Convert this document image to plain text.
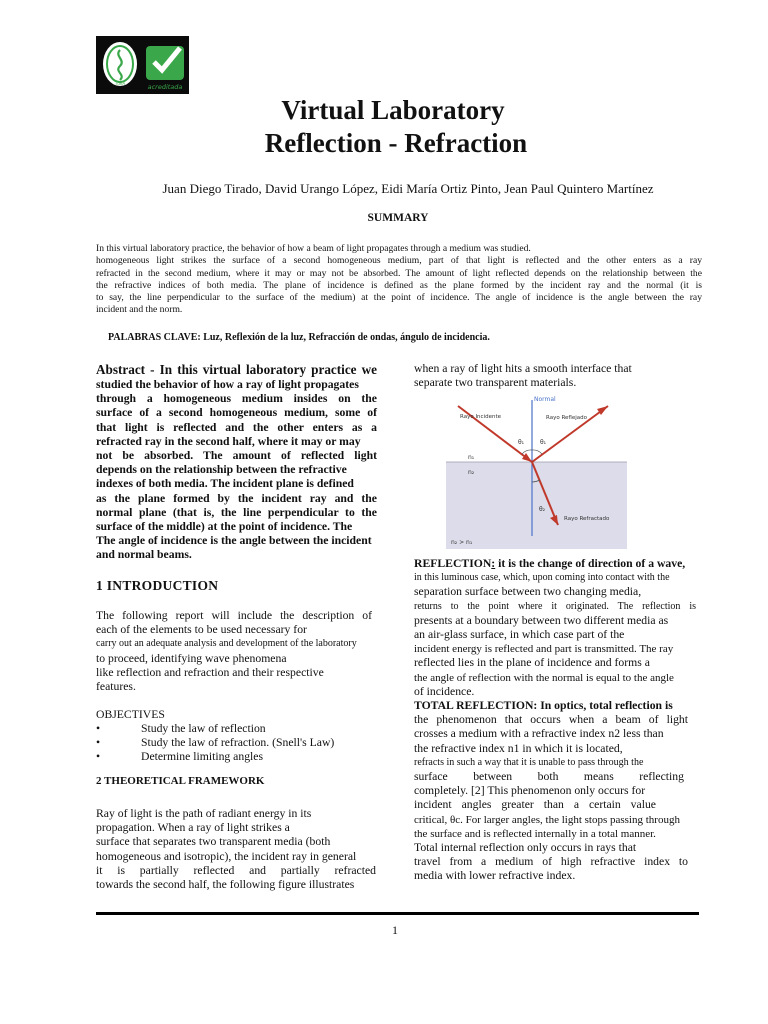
TdeA	acreditada
Virtual Laboratory
Reflection - Refraction
Juan Diego Tirado, David Urango López, Eidi María Ortiz Pinto, Jean Paul Quintero Martínez
SUMMARY
In this virtual laboratory practice, the behavior of how a beam of light propagates through a medium was studied.
homogeneous light strikes the surface of a second homogeneous medium, part of that light is reflected and the other enters as a ray
refracted in the second medium, where it may or may not be absorbed. The amount of light reflected depends on the relationship between the
the refractive indices of both media. The plane of incidence is defined as the plane formed by the incident ray and the normal (it is
to say, the line perpendicular to the surface of the medium) at the point of incidence. The angle of incidence is the angle between the ray
incident and the norm.
PALABRAS CLAVE: Luz, Reflexión de la luz, Refracción de ondas, ángulo de incidencia.
Abstract - In this virtual laboratory practice we
studied the behavior of how a ray of light propagates
through a homogeneous medium insides on the
surface of a second homogeneous medium, some of
that light is reflected and the other enters as a
refracted ray in the second half, where it may or may
not be absorbed. The amount of reflected light
depends on the relationship between the refractive
indexes of both media. The incident plane is defined
as the plane formed by the incident ray and the
normal plane (that is, the line perpendicular to the
surface of the middle) at the point of incidence. The
The angle of incidence is the angle between the incident
and normal beams.
1 INTRODUCTION
The following report will include the description of
each of the elements to be used necessary for
carry out an adequate analysis and development of the laboratory
to proceed, identifying wave phenomena
like reflection and refraction and their respective
features.
OBJECTIVES
•	Study the law of reflection
•	Study the law of refraction. (Snell's Law)
•	Determine limiting angles
2 THEORETICAL FRAMEWORK
Ray of light is the path of radiant energy in its
propagation. When a ray of light strikes a
surface that separates two transparent media (both
homogeneous and isotropic), the incident ray in general
it is partially reflected and partially refracted
towards the second half, the following figure illustrates
when a ray of light hits a smooth interface that
separate two transparent materials.
Normal
Rayo Incidente	Rayo Reflejado
θ₁	θ₁
θ₂
n₁
n₂
Rayo Refractado
n₂ > n₁
REFLECTION: it is the change of direction of a wave,
in this luminous case, which, upon coming into contact with the
separation surface between two changing media,
returns to the point where it originated. The reflection is
presents at a boundary between two different media as
an air-glass surface, in which case part of the
incident energy is reflected and part is transmitted. The ray
reflected lies in the plane of incidence and forms a
the angle of reflection with the normal is equal to the angle
of incidence.
TOTAL REFLECTION: In optics, total reflection is
the phenomenon that occurs when a beam of light
crosses a medium with a refractive index n2 less than
the refractive index n1 in which it is located,
refracts in such a way that it is unable to pass through the
surface between both means reflecting
completely. [2] This phenomenon only occurs for
incident angles greater than a certain value
critical, θc. For larger angles, the light stops passing through
the surface and is reflected internally in a total manner.
Total internal reflection only occurs in rays that
travel from a medium of high refractive index to
media with lower refractive index.
1
